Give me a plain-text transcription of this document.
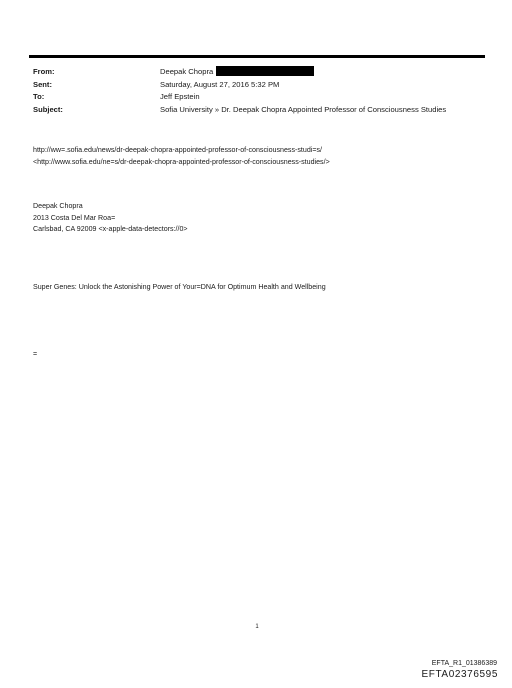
From:	Deepak Chopra
Sent:	Saturday, August 27, 2016 5:32 PM
To:	Jeff Epstein
Subject:	Sofia University » Dr. Deepak Chopra Appointed Professor of Consciousness Studies
http://ww=.sofia.edu/news/dr-deepak-chopra-appointed-professor-of-consciousness-studi=s/
<http://www.sofia.edu/ne=s/dr-deepak-chopra-appointed-professor-of-consciousness-studies/>
Deepak Chopra
2013 Costa Del Mar Roa=
Carlsbad, CA 92009 <x-apple-data-detectors://0>
Super Genes: Unlock the Astonishing Power of Your=DNA for Optimum Health and Wellbeing
=
1
EFTA_R1_01386389
EFTA02376595
